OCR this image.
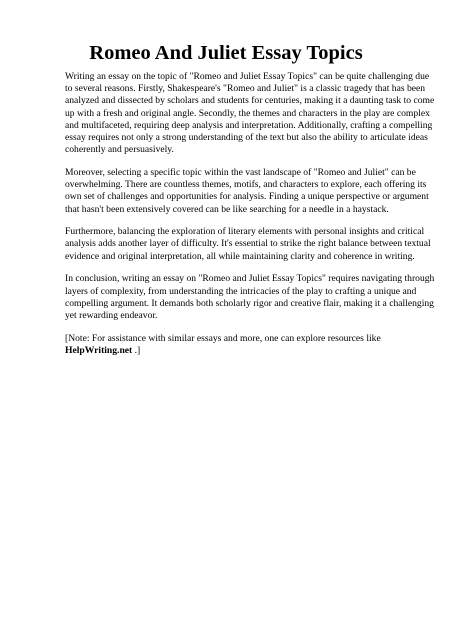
Romeo And Juliet Essay Topics

Writing an essay on the topic of "Romeo and Juliet Essay Topics" can be quite challenging due
to several reasons. Firstly, Shakespeare's "Romeo and Juliet" is a classic tragedy that has been
analyzed and dissected by scholars and students for centuries, making it a daunting task to come
up with a fresh and original angle. Secondly, the themes and characters in the play are complex
and multifaceted, requiring deep analysis and interpretation. Additionally, crafting a compelling
essay requires not only a strong understanding of the text but also the ability to articulate ideas
coherently and persuasively.

Moreover, selecting a specific topic within the vast landscape of "Romeo and Juliet" can be
overwhelming. There are countless themes, motifs, and characters to explore, each offering its
own set of challenges and opportunities for analysis. Finding a unique perspective or argument
that hasn't been extensively covered can be like searching for a needle in a haystack.

Furthermore, balancing the exploration of literary elements with personal insights and critical
analysis adds another layer of difficulty. It's essential to strike the right balance between textual
evidence and original interpretation, all while maintaining clarity and coherence in writing.

In conclusion, writing an essay on "Romeo and Juliet Essay Topics" requires navigating through
layers of complexity, from understanding the intricacies of the play to crafting a unique and
compelling argument. It demands both scholarly rigor and creative flair, making it a challenging
yet rewarding endeavor.

[Note: For assistance with similar essays and more, one can explore resources like
HelpWriting.net .]
